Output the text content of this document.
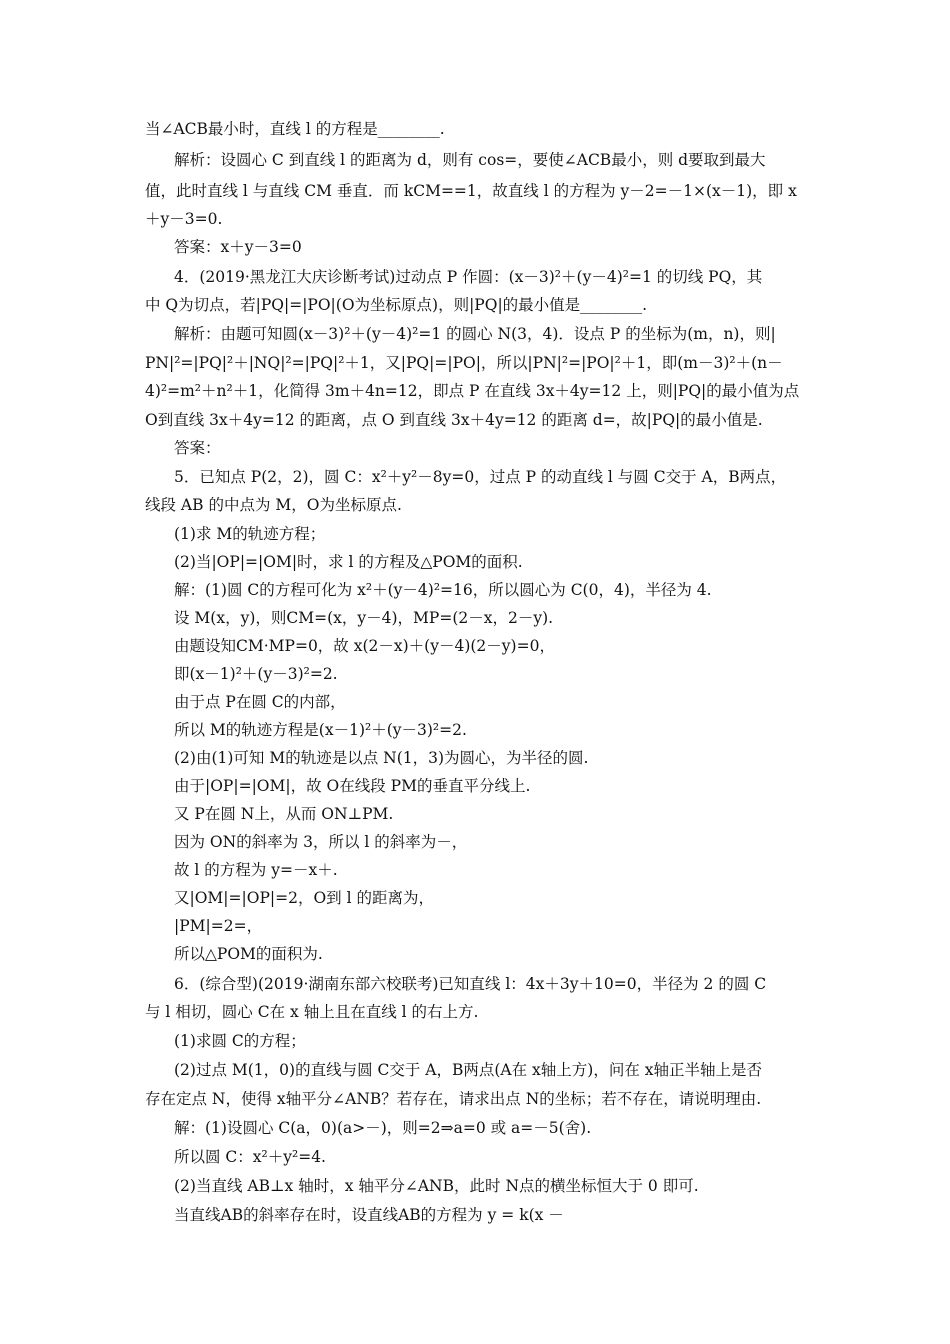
当∠ACB最小时，直线 l 的方程是________.
解析：设圆心 C 到直线 l 的距离为 d，则有 cos=，要使∠ACB最小，则 d要取到最大
值，此时直线 l 与直线 CM 垂直．而 kCM==1，故直线 l 的方程为 y－2=－1×(x－1)，即 x
＋y－3=0.
答案：x＋y－3=0
4．(2019·黑龙江大庆诊断考试)过动点 P 作圆：(x－3)²＋(y－4)²=1 的切线 PQ，其
中 Q为切点，若|PQ|=|PO|(O为坐标原点)，则|PQ|的最小值是________.
解析：由题可知圆(x－3)²＋(y－4)²=1 的圆心 N(3，4)．设点 P 的坐标为(m，n)，则|
PN|²=|PQ|²＋|NQ|²=|PQ|²＋1，又|PQ|=|PO|，所以|PN|²=|PO|²＋1，即(m－3)²＋(n－
4)²=m²＋n²＋1，化简得 3m＋4n=12，即点 P 在直线 3x＋4y=12 上，则|PQ|的最小值为点
O到直线 3x＋4y=12 的距离，点 O 到直线 3x＋4y=12 的距离 d=，故|PQ|的最小值是.
答案：
5．已知点 P(2，2)，圆 C：x²＋y²－8y=0，过点 P 的动直线 l 与圆 C交于 A，B两点，
线段 AB 的中点为 M，O为坐标原点.
(1)求 M的轨迹方程；
(2)当|OP|=|OM|时，求 l 的方程及△POM的面积.
解：(1)圆 C的方程可化为 x²＋(y－4)²=16，所以圆心为 C(0，4)，半径为 4.
设 M(x，y)，则CM=(x，y－4)，MP=(2－x，2－y).
由题设知CM·MP=0，故 x(2－x)＋(y－4)(2－y)=0，
即(x－1)²＋(y－3)²=2.
由于点 P在圆 C的内部，
所以 M的轨迹方程是(x－1)²＋(y－3)²=2.
(2)由(1)可知 M的轨迹是以点 N(1，3)为圆心，为半径的圆.
由于|OP|=|OM|，故 O在线段 PM的垂直平分线上.
又 P在圆 N上，从而 ON⊥PM.
因为 ON的斜率为 3，所以 l 的斜率为－，
故 l 的方程为 y=－x＋.
又|OM|=|OP|=2，O到 l 的距离为，
|PM|=2=，
所以△POM的面积为.
6．(综合型)(2019·湖南东部六校联考)已知直线 l：4x＋3y＋10=0，半径为 2 的圆 C
与 l 相切，圆心 C在 x 轴上且在直线 l 的右上方.
(1)求圆 C的方程；
(2)过点 M(1，0)的直线与圆 C交于 A，B两点(A在 x轴上方)，问在 x轴正半轴上是否
存在定点 N，使得 x轴平分∠ANB？若存在，请求出点 N的坐标；若不存在，请说明理由.
解：(1)设圆心 C(a，0)(a>－)，则=2⇒a=0 或 a=－5(舍).
所以圆 C：x²＋y²=4.
(2)当直线 AB⊥x 轴时，x 轴平分∠ANB，此时 N点的横坐标恒大于 0 即可.
当直线AB的斜率存在时，设直线AB的方程为 y = k(x －
